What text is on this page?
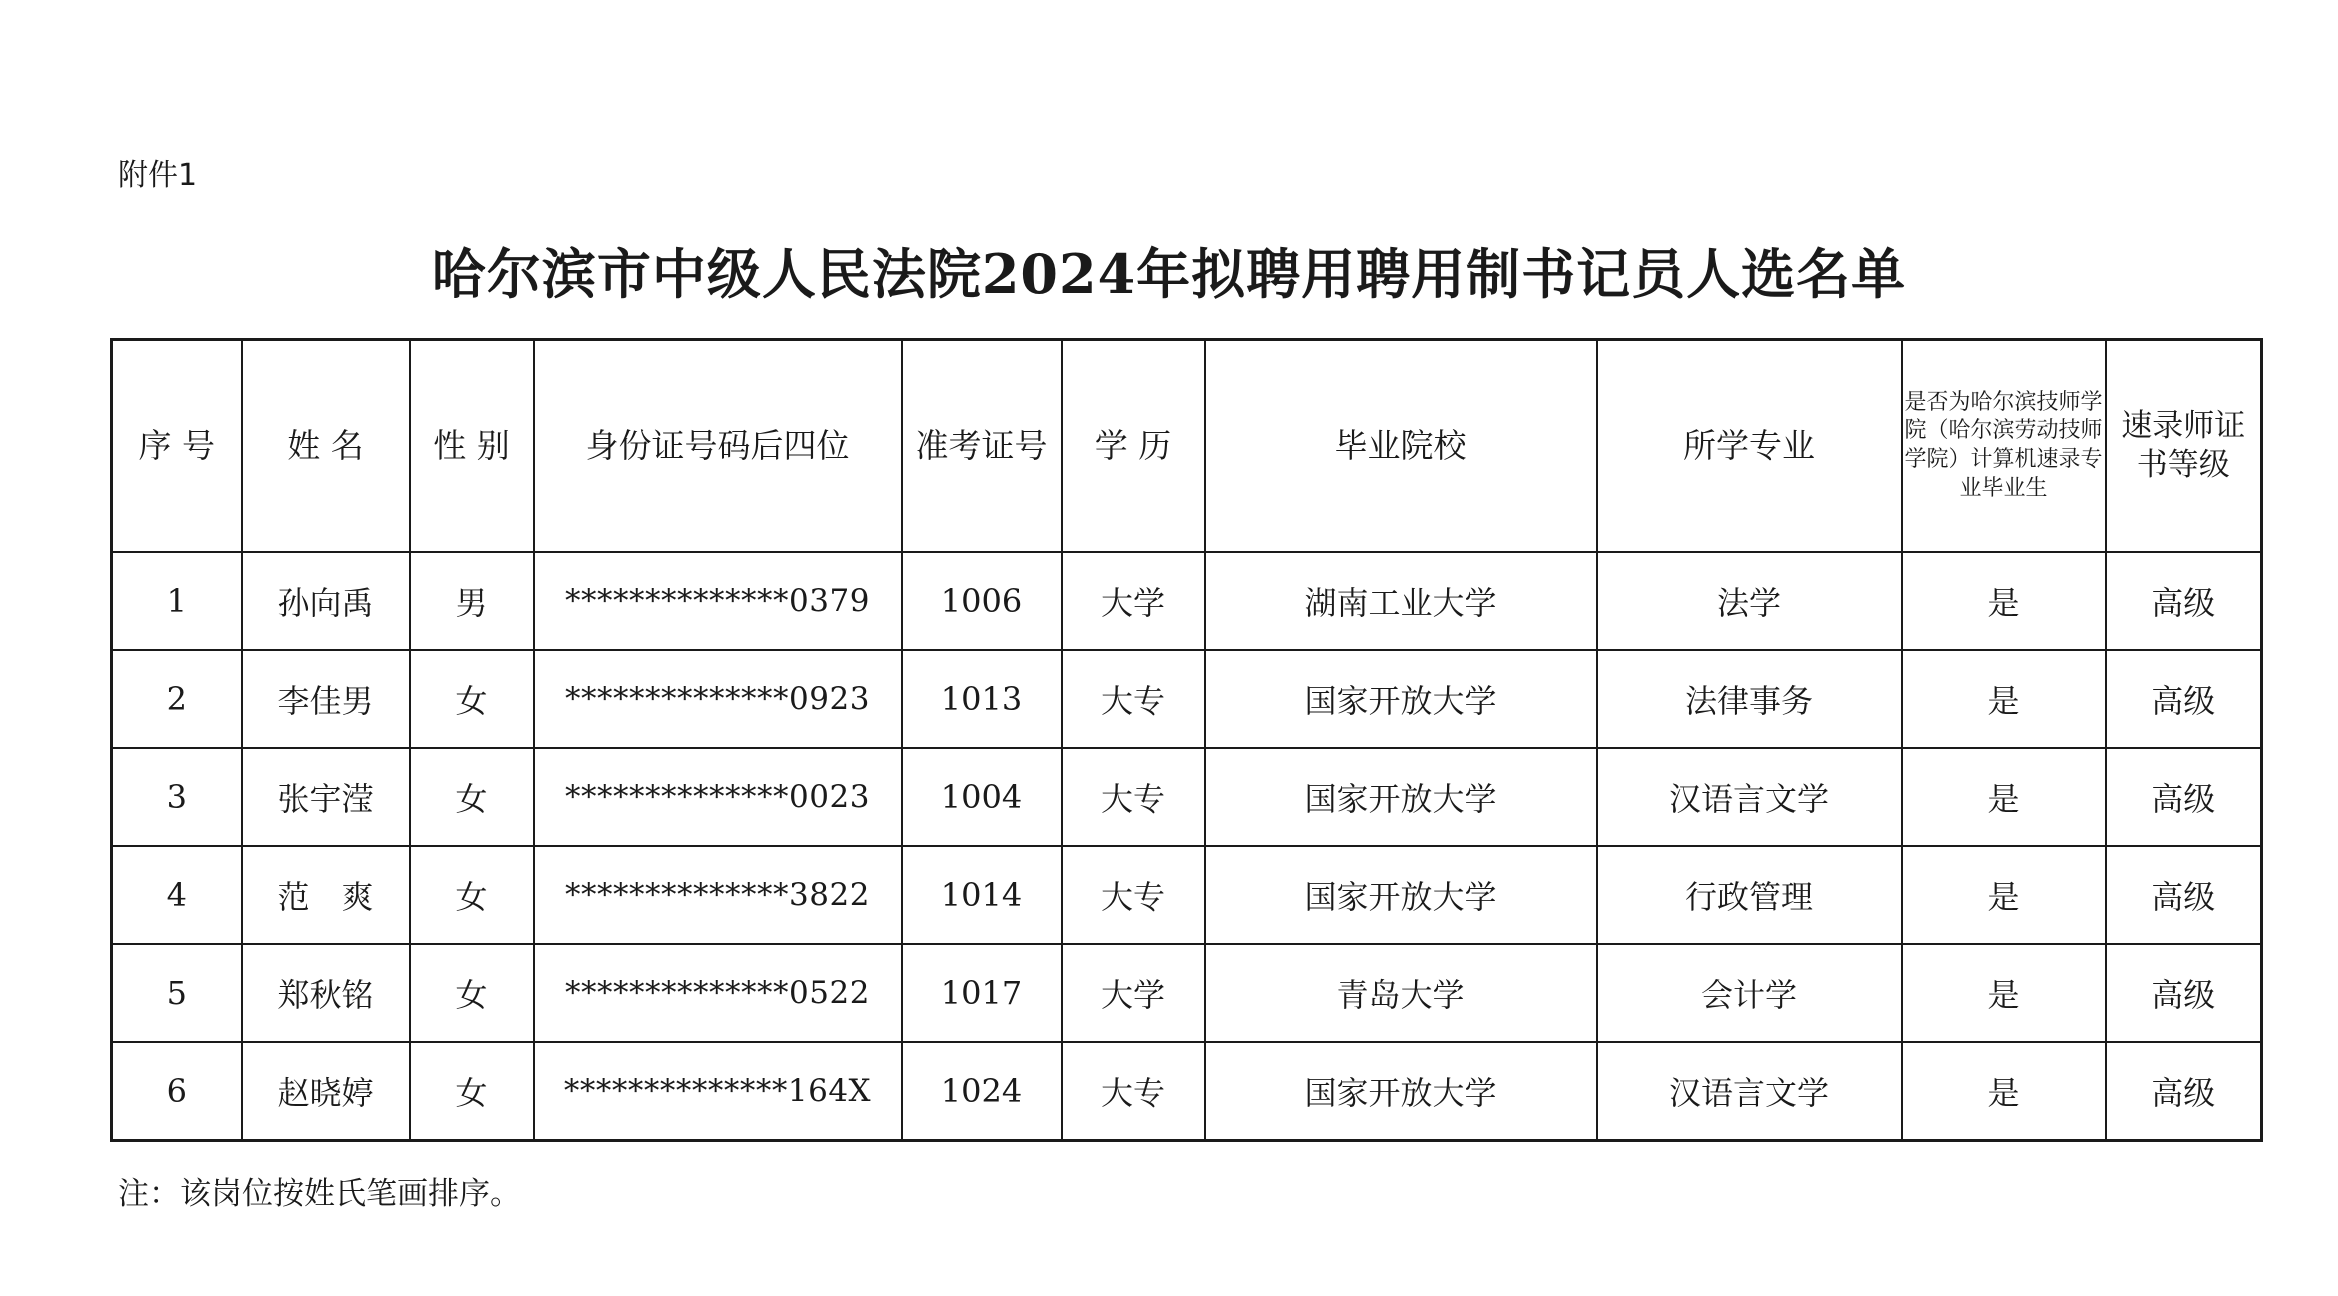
附件1
哈尔滨市中级人民法院2024年拟聘用聘用制书记员人选名单
序 号	姓 名	性 别	身份证号码后四位	准考证号	学 历	毕业院校	所学专业	是否为哈尔滨技师学院（哈尔滨劳动技师学院）计算机速录专业毕业生	速录师证书等级
1	孙向禹	男	**************0379	1006	大学	湖南工业大学	法学	是	高级
2	李佳男	女	**************0923	1013	大专	国家开放大学	法律事务	是	高级
3	张宇滢	女	**************0023	1004	大专	国家开放大学	汉语言文学	是	高级
4	范　爽	女	**************3822	1014	大专	国家开放大学	行政管理	是	高级
5	郑秋铭	女	**************0522	1017	大学	青岛大学	会计学	是	高级
6	赵晓婷	女	**************164X	1024	大专	国家开放大学	汉语言文学	是	高级
注：该岗位按姓氏笔画排序。
